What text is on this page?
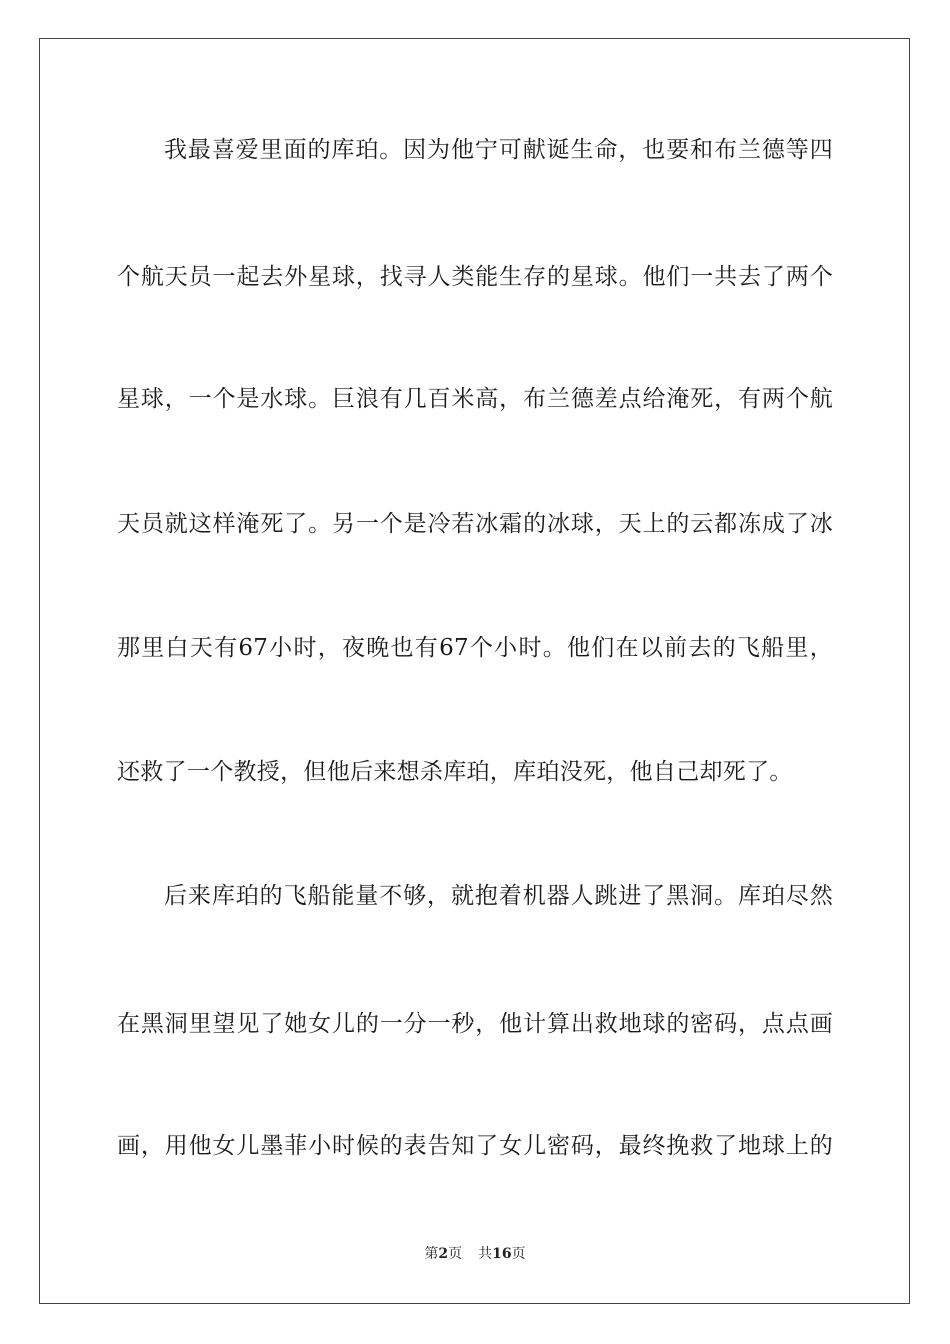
我最喜爱里面的库珀。因为他宁可献诞生命，也要和布兰德等四
个航天员一起去外星球，找寻人类能生存的星球。他们一共去了两个
星球，一个是水球。巨浪有几百米高，布兰德差点给淹死，有两个航
天员就这样淹死了。另一个是冷若冰霜的冰球，天上的云都冻成了冰
那里白天有67小时，夜晚也有67个小时。他们在以前去的飞船里，
还救了一个教授，但他后来想杀库珀，库珀没死，他自己却死了。
后来库珀的飞船能量不够，就抱着机器人跳进了黑洞。库珀尽然
在黑洞里望见了她女儿的一分一秒，他计算出救地球的密码，点点画
画，用他女儿墨菲小时候的表告知了女儿密码，最终挽救了地球上的
第2页 共16页
